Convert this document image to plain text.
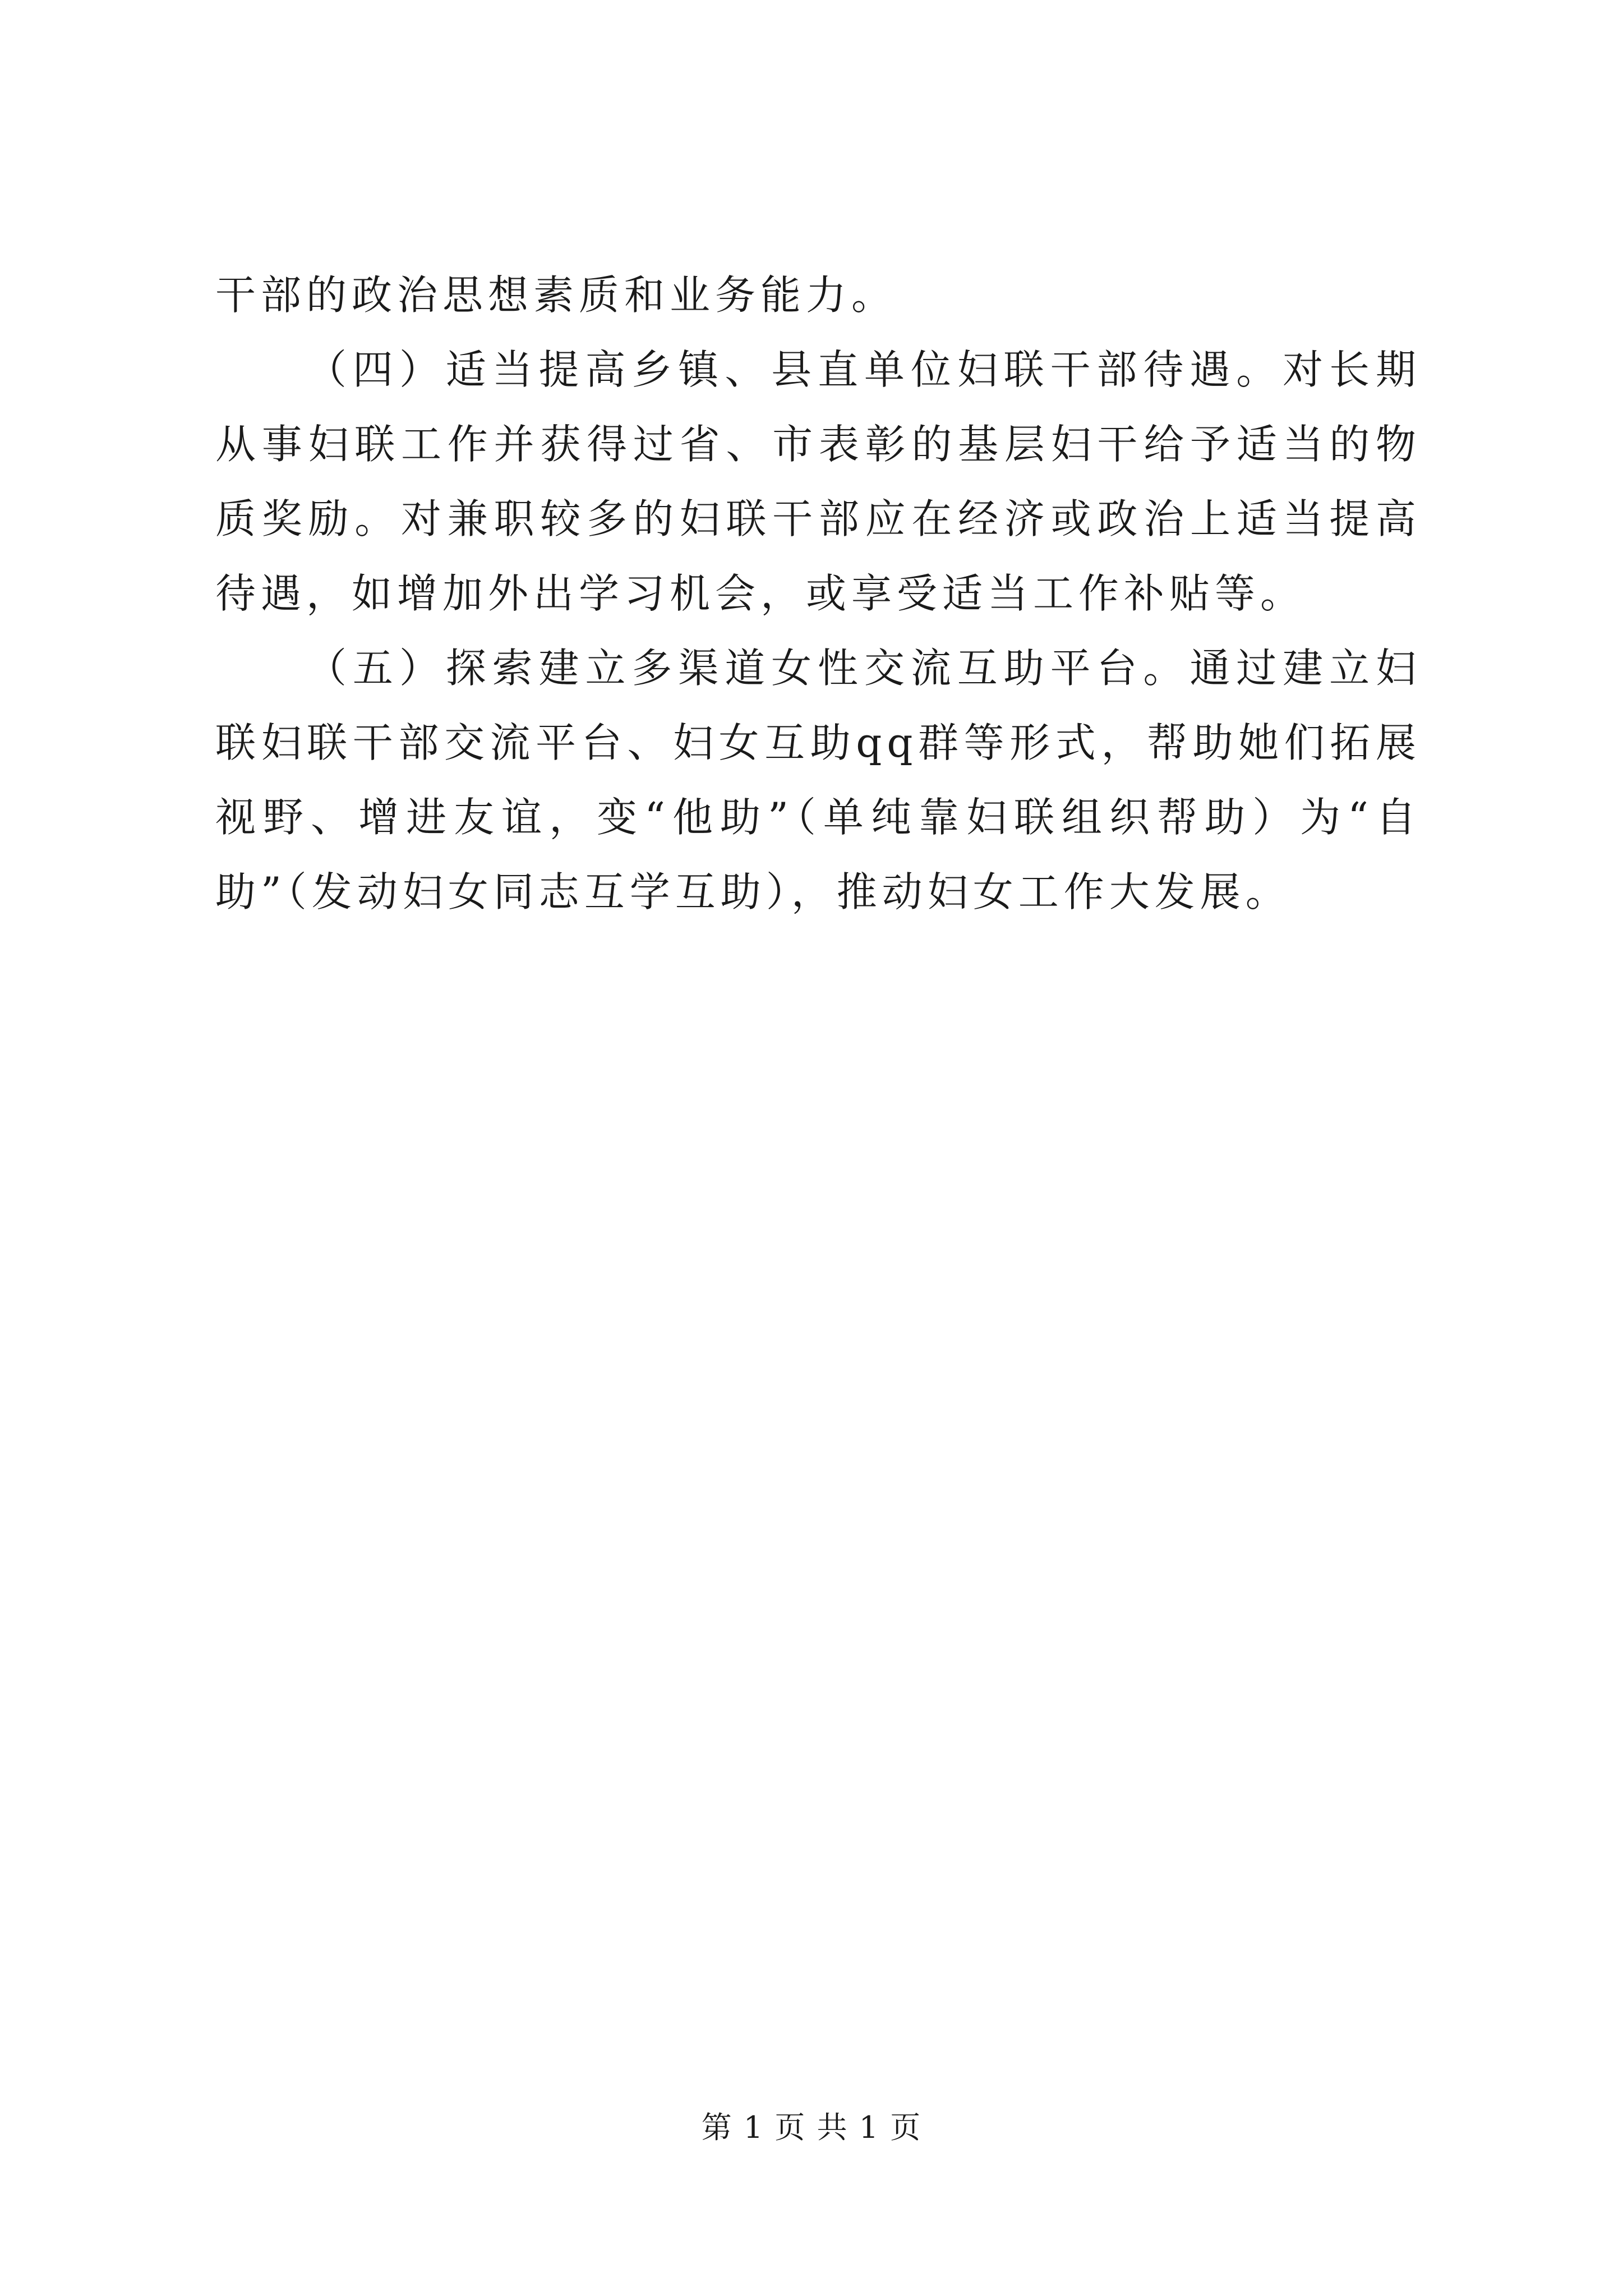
干部的政治思想素质和业务能力。

（四）适当提高乡镇、县直单位妇联干部待遇。对长期从事妇联工作并获得过省、市表彰的基层妇干给予适当的物质奖励。对兼职较多的妇联干部应在经济或政治上适当提高待遇，如增加外出学习机会，或享受适当工作补贴等。

（五）探索建立多渠道女性交流互助平台。通过建立妇联妇联干部交流平台、妇女互助qq群等形式，帮助她们拓展视野、增进友谊，变“他助”（单纯靠妇联组织帮助）为“自助”（发动妇女同志互学互助），推动妇女工作大发展。

第 1 页 共 1 页
